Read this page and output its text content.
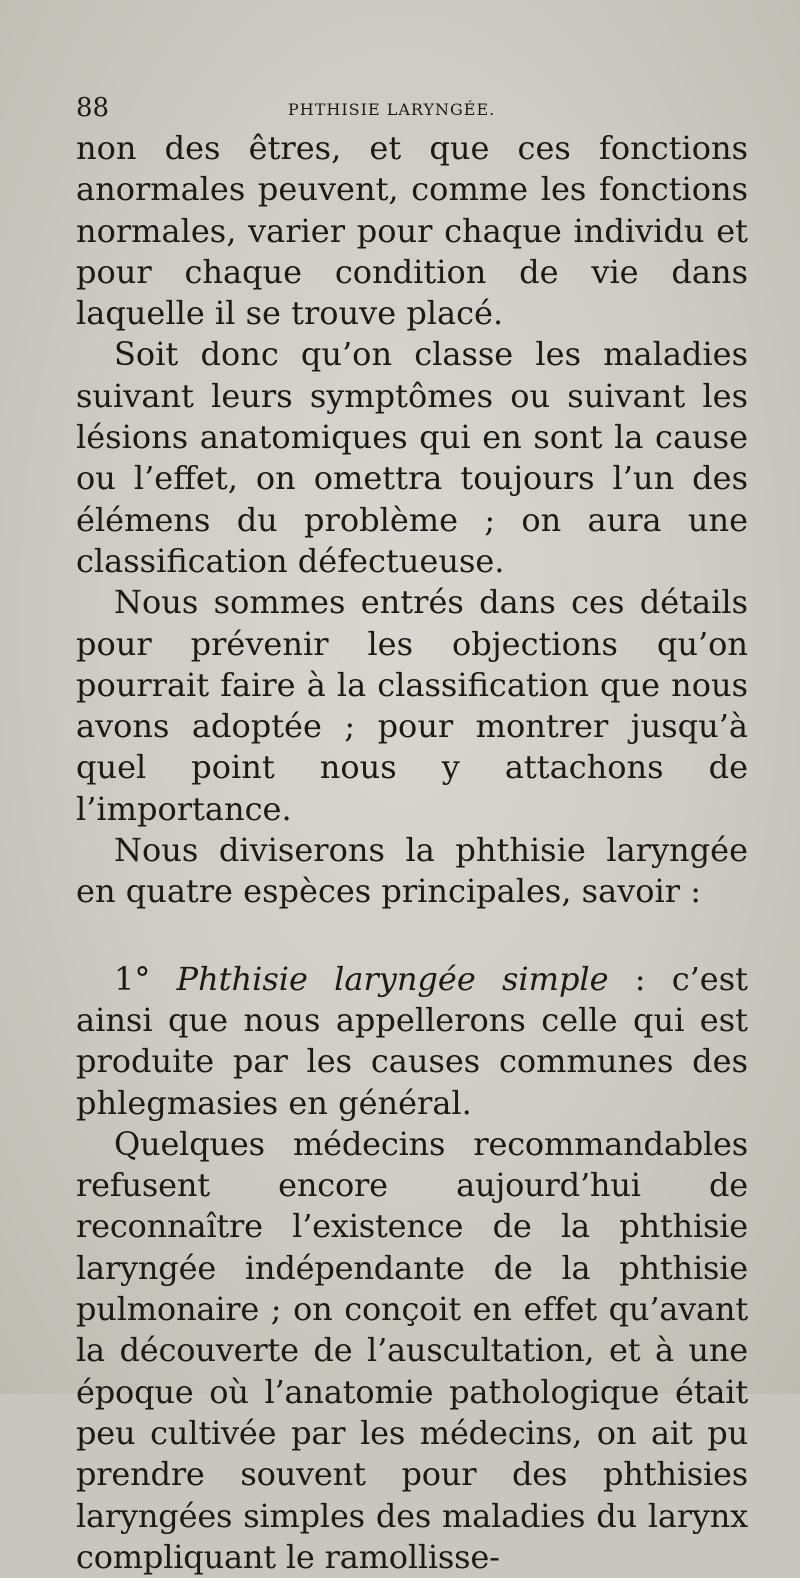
88	PHTHISIE LARYNGÉE.

non des êtres, et que ces fonctions anormales peuvent, comme les fonctions normales, varier pour chaque individu et pour chaque condition de vie dans laquelle il se trouve placé.

Soit donc qu’on classe les maladies suivant leurs symptômes ou suivant les lésions anatomiques qui en sont la cause ou l’effet, on omettra toujours l’un des élémens du problème ; on aura une classification défectueuse.

Nous sommes entrés dans ces détails pour prévenir les objections qu’on pourrait faire à la classification que nous avons adoptée ; pour montrer jusqu’à quel point nous y attachons de l’importance.

Nous diviserons la phthisie laryngée en quatre espèces principales, savoir :

1° Phthisie laryngée simple : c’est ainsi que nous appellerons celle qui est produite par les causes communes des phlegmasies en général.

Quelques médecins recommandables refusent encore aujourd’hui de reconnaître l’existence de la phthisie laryngée indépendante de la phthisie pulmonaire ; on conçoit en effet qu’avant la découverte de l’auscultation, et à une époque où l’anatomie pathologique était peu cultivée par les médecins, on ait pu prendre souvent pour des phthisies laryngées simples des maladies du larynx compliquant le ramollisse-
